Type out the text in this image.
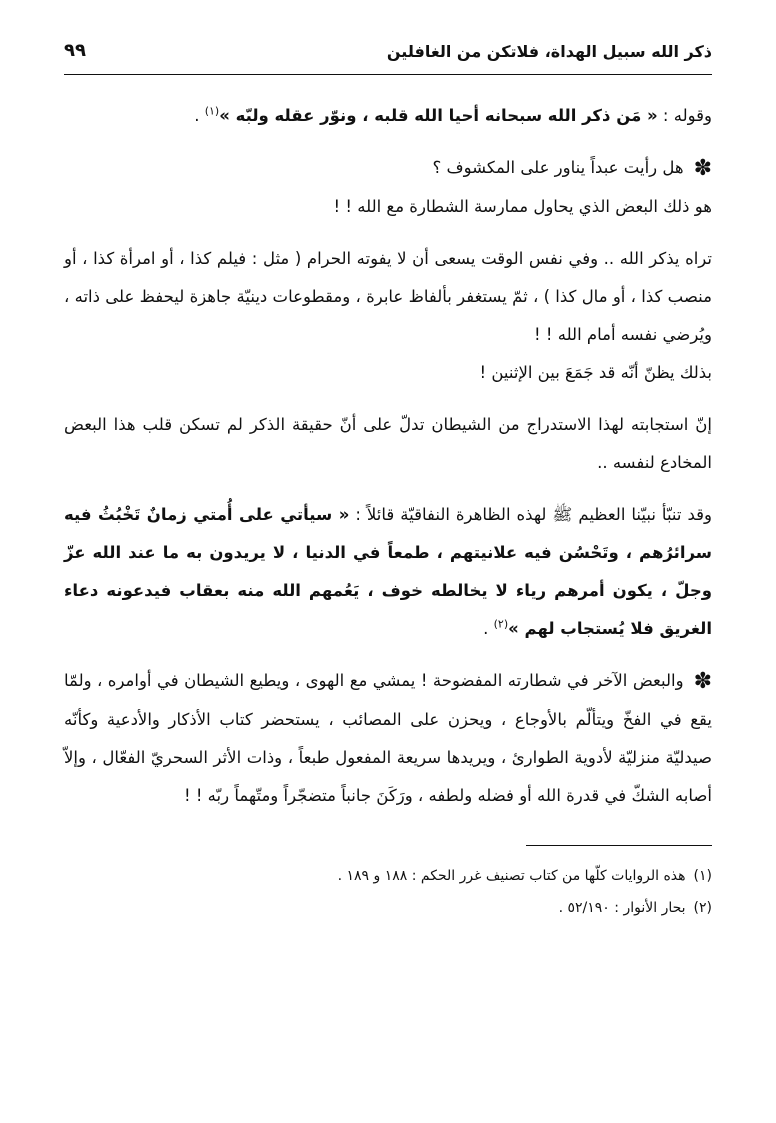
ذكر الله سبيل الهداة، فلاتكن من الغافلين
٩٩

وقوله : « مَن ذكر الله سبحانه أحيا الله قلبه ، ونوّر عقله ولبّه »$^{(١)}$ .

✽هل رأيت عبداً يناور على المكشوف ؟

هو ذلك البعض الذي يحاول ممارسة الشطارة مع الله ! !

تراه يذكر الله .. وفي نفس الوقت يسعى أن لا يفوته الحرام ( مثل : فيلم كذا ، أو امرأة كذا ، أو منصب كذا ، أو مال كذا ) ، ثمّ يستغفر بألفاظ عابرة ، ومقطوعات دينيّة جاهزة ليحفظ على ذاته ، ويُرضي نفسه أمام الله ! !

بذلك يظنّ أنّه قد جَمَعَ بين الإثنين !

إنّ استجابته لهذا الاستدراج من الشيطان تدلّ على أنّ حقيقة الذكر لم تسكن قلب هذا البعض المخادع لنفسه ..

وقد تنبّأ نبيّنا العظيم ﷺ لهذه الظاهرة النفاقيّة قائلاً : « سيأتي على أُمتي زمانٌ تَخْبُثُ فيه سرائرُهم ، وتَحْسُن فيه علانيتهم ، طمعاً في الدنيا ، لا يريدون به ما عند الله عزّ وجلّ ، يكون أمرهم رياء لا يخالطه خوف ، يَعُمهم الله منه بعقاب فيدعونه دعاء الغريق فلا يُستجاب لهم »$^{(٢)}$ .

✽والبعض الآخر في شطارته المفضوحة ! يمشي مع الهوى ، ويطيع الشيطان في أوامره ، ولمّا يقع في الفخّ ويتألّم بالأوجاع ، ويحزن على المصائب ، يستحضر كتاب الأذكار والأدعية وكأنّه صيدليّة منزليّة لأدوية الطوارئ ، ويريدها سريعة المفعول طبعاً ، وذات الأثر السحريّ الفعّال ، وإلاّ أصابه الشكّ في قدرة الله أو فضله ولطفه ، ورَكَنَ جانباً متضجّراً ومتّهماً ربّه ! !

(١)هذه الروايات كلّها من كتاب تصنيف غرر الحكم : ١٨٨ و ١٨٩ .

(٢)بحار الأنوار : ٥٢/١٩٠ .
